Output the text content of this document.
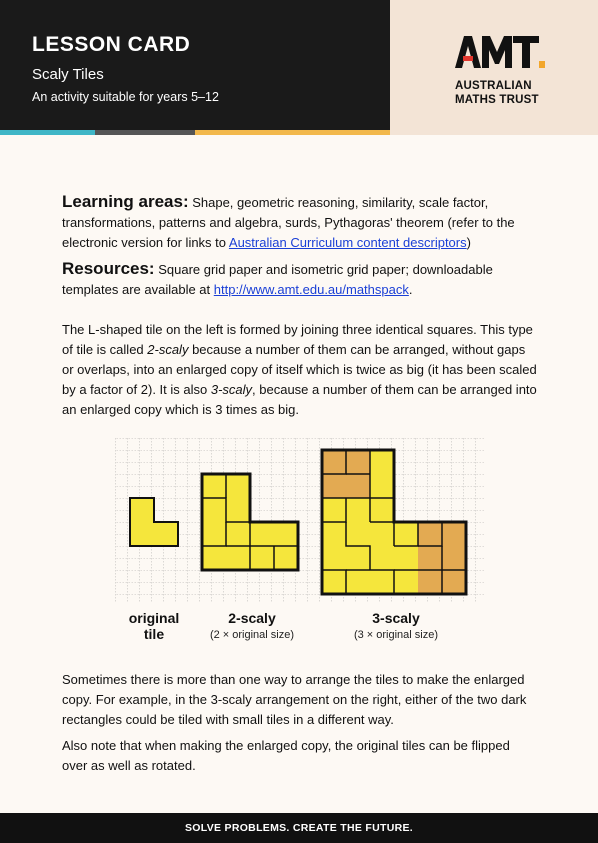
LESSON CARD
Scaly Tiles
An activity suitable for years 5–12
AUSTRALIAN
MATHS TRUST

Learning areas: Shape, geometric reasoning, similarity, scale factor, transformations, patterns and algebra, surds, Pythagoras' theorem (refer to the electronic version for links to Australian Curriculum content descriptors)

Resources: Square grid paper and isometric grid paper; downloadable templates are available at http://www.amt.edu.au/mathspack.

The L-shaped tile on the left is formed by joining three identical squares. This type of tile is called 2-scaly because a number of them can be arranged, without gaps or overlaps, into an enlarged copy of itself which is twice as big (it has been scaled by a factor of 2). It is also 3-scaly, because a number of them can be arranged into an enlarged copy which is 3 times as big.

original
tile
2-scaly
(2 × original size)
3-scaly
(3 × original size)

Sometimes there is more than one way to arrange the tiles to make the enlarged copy. For example, in the 3-scaly arrangement on the right, either of the two dark rectangles could be tiled with small tiles in a different way.

Also note that when making the enlarged copy, the original tiles can be flipped over as well as rotated.

SOLVE PROBLEMS. CREATE THE FUTURE.
